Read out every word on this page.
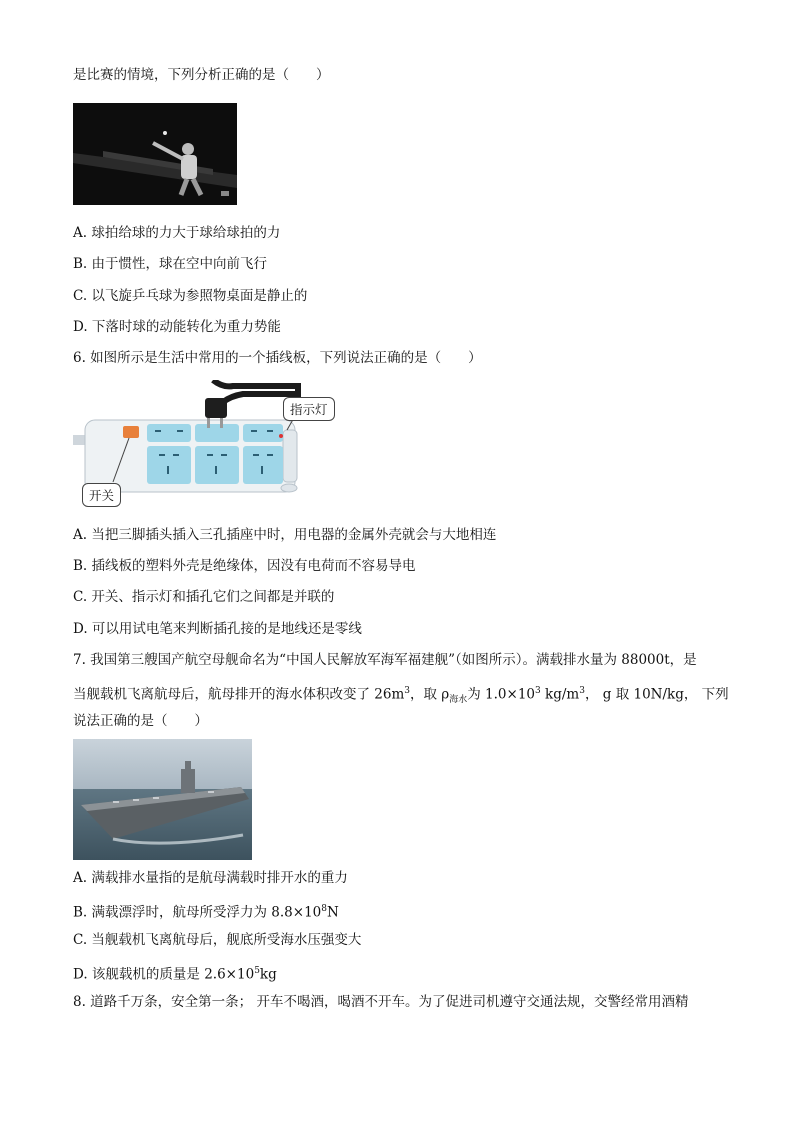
是比赛的情境，下列分析正确的是（　　）
A. 球拍给球的力大于球给球拍的力
B. 由于惯性，球在空中向前飞行
C. 以飞旋乒乓球为参照物桌面是静止的
D. 下落时球的动能转化为重力势能
6. 如图所示是生活中常用的一个插线板，下列说法正确的是（　　）
指示灯
开关
A. 当把三脚插头插入三孔插座中时，用电器的金属外壳就会与大地相连
B. 插线板的塑料外壳是绝缘体，因没有电荷而不容易导电
C. 开关、指示灯和插孔它们之间都是并联的
D. 可以用试电笔来判断插孔接的是地线还是零线
7. 我国第三艘国产航空母舰命名为“中国人民解放军海军福建舰”（如图所示）。满载排水量为 88000t，是
当舰载机飞离航母后，航母排开的海水体积改变了 $26m^3$，取 $\rho_{海水}$为 $1.0\times 10^3$ $kg/m^3$， g 取 10N/kg， 下列
说法正确的是（　　）
A. 满载排水量指的是航母满载时排开水的重力
B. 满载漂浮时，航母所受浮力为 $8.8\times 10^8N$
C. 当舰载机飞离航母后，舰底所受海水压强变大
D. 该舰载机的质量是 $2.6\times 10^5kg$
8. 道路千万条，安全第一条； 开车不喝酒，喝酒不开车。为了促进司机遵守交通法规，交警经常用酒精
